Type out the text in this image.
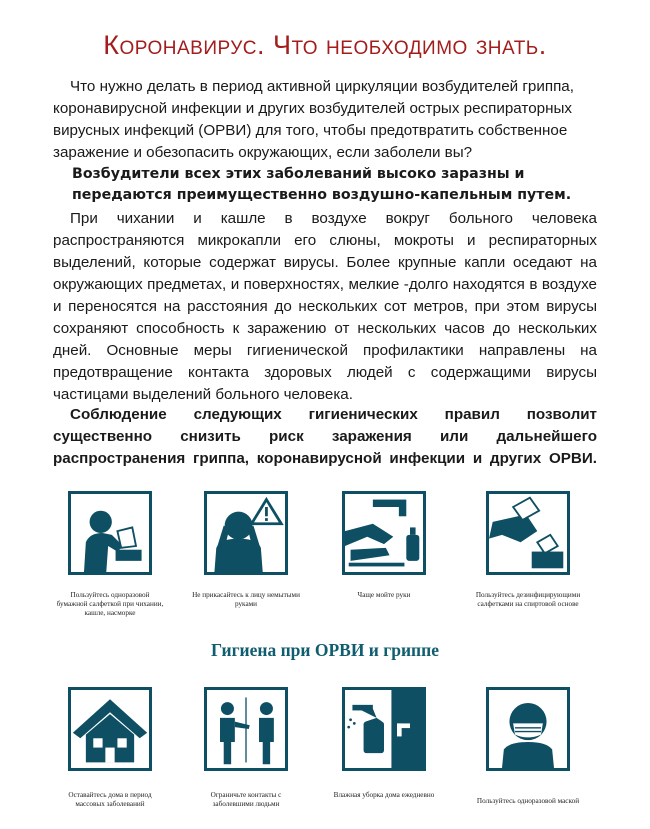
Коронавирус. Что необходимо знать.
Что нужно делать в период активной циркуляции возбудителей гриппа, коронавирусной инфекции и других возбудителей острых респираторных вирусных инфекций (ОРВИ) для того, чтобы предотвратить собственное заражение и обезопасить окружающих, если заболели вы?
Возбудители всех этих заболеваний высоко заразны и передаются преимущественно воздушно-капельным путем.
При чихании и кашле в воздухе вокруг больного человека распространяются микрокапли его слюны, мокроты и респираторных выделений, которые содержат вирусы. Более крупные капли оседают на окружающих предметах, и поверхностях, мелкие -долго находятся в воздухе и переносятся на расстояния до нескольких сот метров, при этом вирусы сохраняют способность к заражению от нескольких часов до нескольких дней. Основные меры гигиенической профилактики направлены на предотвращение контакта здоровых людей с содержащими вирусы частицами выделений больного человека.
Соблюдение следующих гигиенических правил позволит существенно снизить риск заражения или дальнейшего распространения гриппа, коронавирусной инфекции и других ОРВИ.
Пользуйтесь одноразовой бумажной салфеткой при чихании, кашле, насморке
Не прикасайтесь к лицу немытыми руками
Чаще мойте руки	Пользуйтесь дезинфицирующими салфетками на спиртовой основе
Гигиена при ОРВИ и гриппе
Оставайтесь дома в период массовых заболеваний
Ограничьте контакты с заболевшими людьми
Влажная уборка дома ежедневно
Пользуйтесь одноразовой маской
